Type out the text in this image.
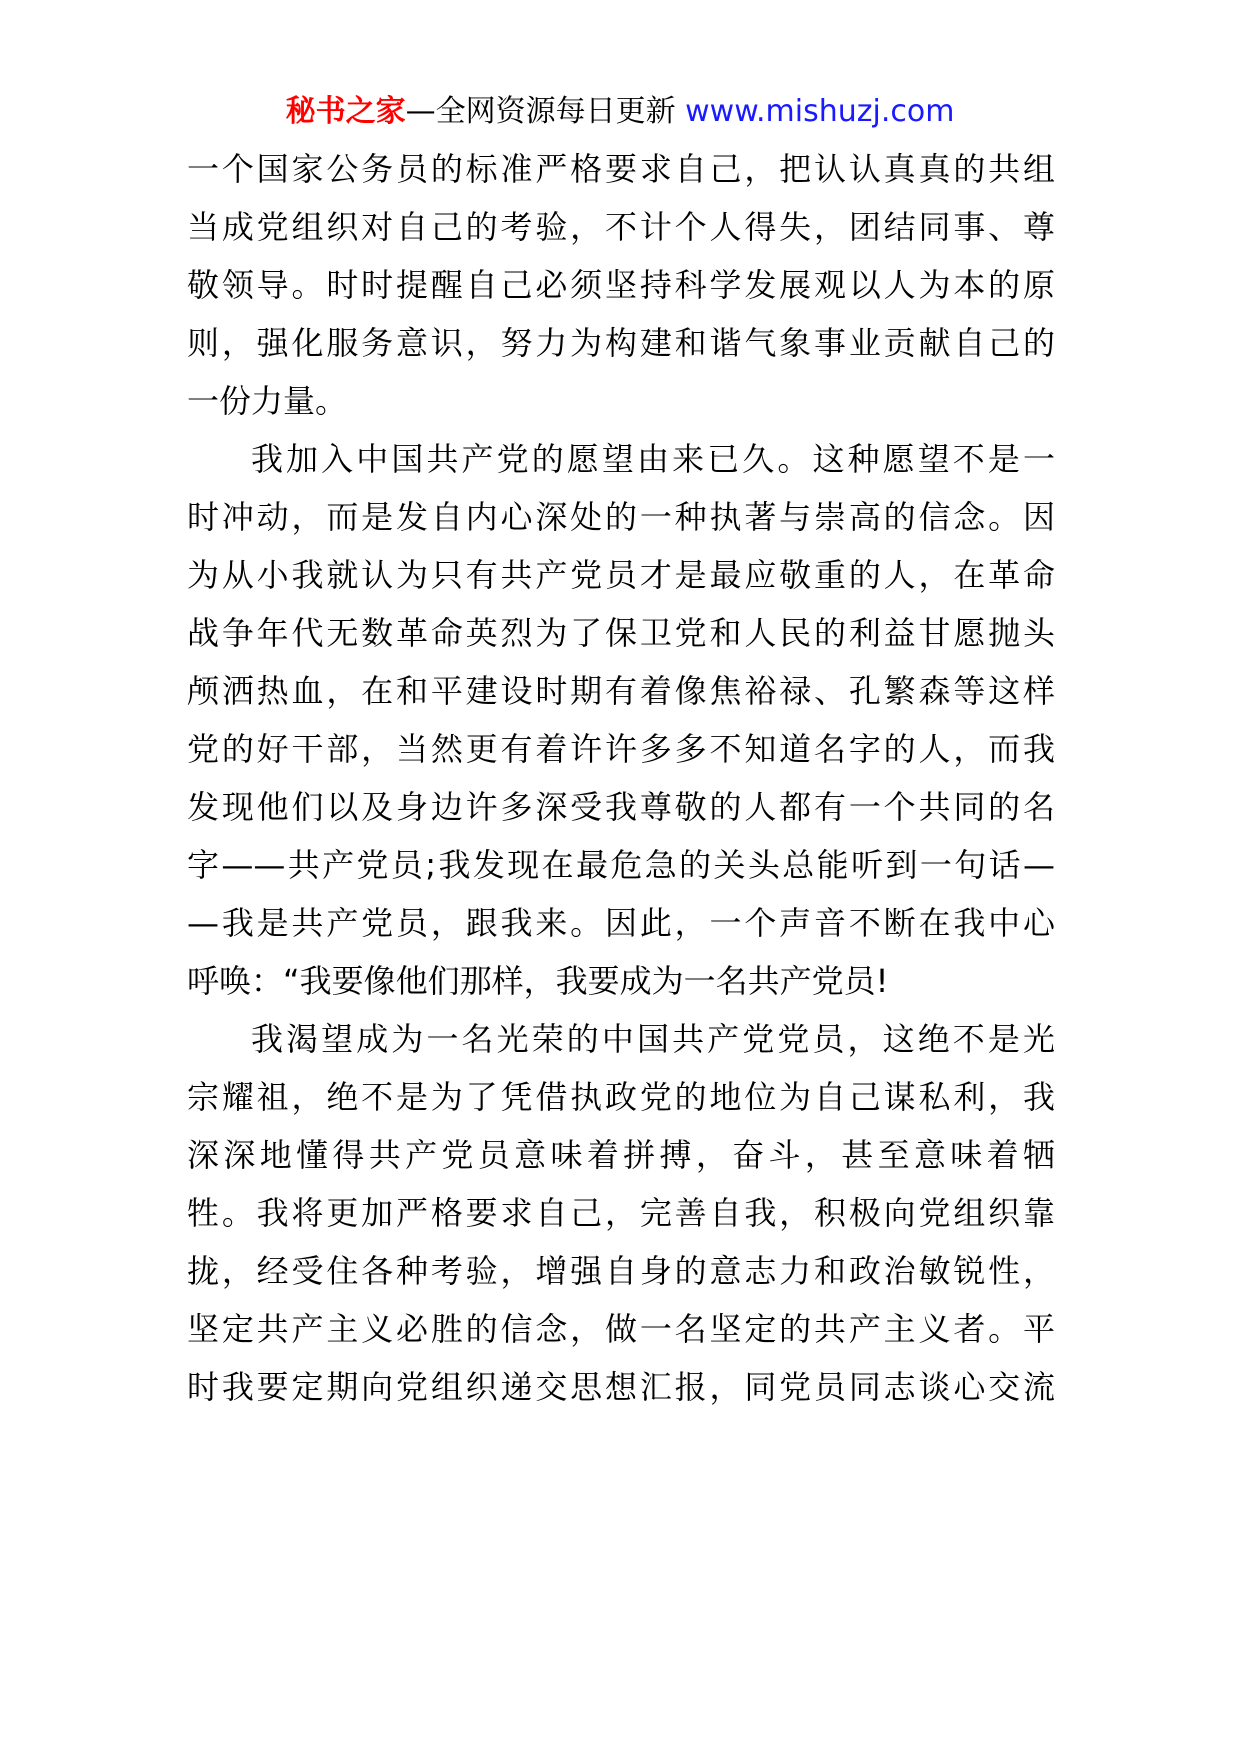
秘书之家—全网资源每日更新 www.mishuzj.com
一个国家公务员的标准严格要求自己，把认认真真的共组
当成党组织对自己的考验，不计个人得失，团结同事、尊
敬领导。时时提醒自己必须坚持科学发展观以人为本的原
则，强化服务意识，努力为构建和谐气象事业贡献自己的
一份力量。
我加入中国共产党的愿望由来已久。这种愿望不是一
时冲动，而是发自内心深处的一种执著与崇高的信念。因
为从小我就认为只有共产党员才是最应敬重的人，在革命
战争年代无数革命英烈为了保卫党和人民的利益甘愿抛头
颅洒热血，在和平建设时期有着像焦裕禄、孔繁森等这样
党的好干部，当然更有着许许多多不知道名字的人，而我
发现他们以及身边许多深受我尊敬的人都有一个共同的名
字——共产党员;我发现在最危急的关头总能听到一句话—
—我是共产党员，跟我来。因此，一个声音不断在我中心
呼唤：“我要像他们那样，我要成为一名共产党员!
我渴望成为一名光荣的中国共产党党员，这绝不是光
宗耀祖，绝不是为了凭借执政党的地位为自己谋私利，我
深深地懂得共产党员意味着拼搏，奋斗，甚至意味着牺
牲。我将更加严格要求自己，完善自我，积极向党组织靠
拢，经受住各种考验，增强自身的意志力和政治敏锐性，
坚定共产主义必胜的信念，做一名坚定的共产主义者。平
时我要定期向党组织递交思想汇报，同党员同志谈心交流
